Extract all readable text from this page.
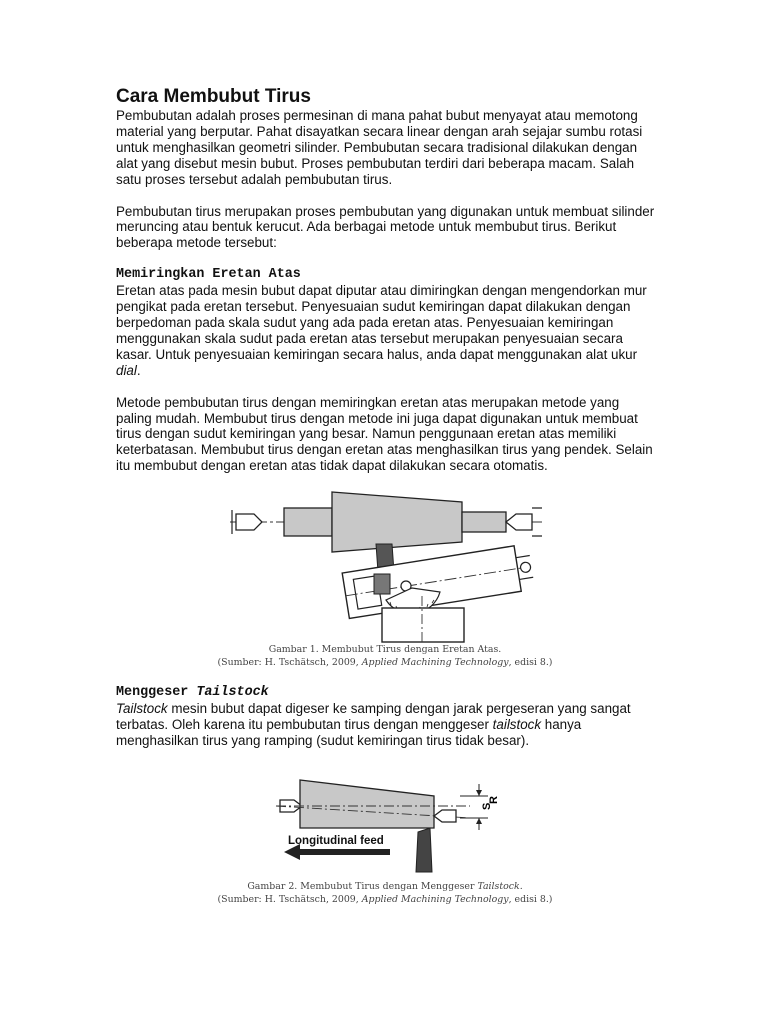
Cara Membubut Tirus

Pembubutan adalah proses permesinan di mana pahat bubut menyayat atau memotong material yang berputar. Pahat disayatkan secara linear dengan arah sejajar sumbu rotasi untuk menghasilkan geometri silinder. Pembubutan secara tradisional dilakukan dengan alat yang disebut mesin bubut. Proses pembubutan terdiri dari beberapa macam. Salah satu proses tersebut adalah pembubutan tirus.

Pembubutan tirus merupakan proses pembubutan yang digunakan untuk membuat silinder meruncing atau bentuk kerucut. Ada berbagai metode untuk membubut tirus. Berikut beberapa metode tersebut:

Memiringkan Eretan Atas

Eretan atas pada mesin bubut dapat diputar atau dimiringkan dengan mengendorkan mur pengikat pada eretan tersebut. Penyesuaian sudut kemiringan dapat dilakukan dengan berpedoman pada skala sudut yang ada pada eretan atas. Penyesuaian kemiringan menggunakan skala sudut pada eretan atas tersebut merupakan penyesuaian secara kasar. Untuk penyesuaian kemiringan secara halus, anda dapat menggunakan alat ukur dial.

Metode pembubutan tirus dengan memiringkan eretan atas merupakan metode yang paling mudah. Membubut tirus dengan metode ini juga dapat digunakan untuk membuat tirus dengan sudut kemiringan yang besar. Namun penggunaan eretan atas memiliki keterbatasan. Membubut tirus dengan eretan atas menghasilkan tirus yang pendek. Selain itu membubut dengan eretan atas tidak dapat dilakukan secara otomatis.

Gambar 1. Membubut Tirus dengan Eretan Atas.
(Sumber: H. Tschätsch, 2009, Applied Machining Technology, edisi 8.)
Menggeser Tailstock

Tailstock mesin bubut dapat digeser ke samping dengan jarak pergeseran yang sangat terbatas. Oleh karena itu pembubutan tirus dengan menggeser tailstock hanya menghasilkan tirus yang ramping (sudut kemiringan tirus tidak besar).

S
R
Longitudinal feed
Gambar 2. Membubut Tirus dengan Menggeser Tailstock.
(Sumber: H. Tschätsch, 2009, Applied Machining Technology, edisi 8.)
